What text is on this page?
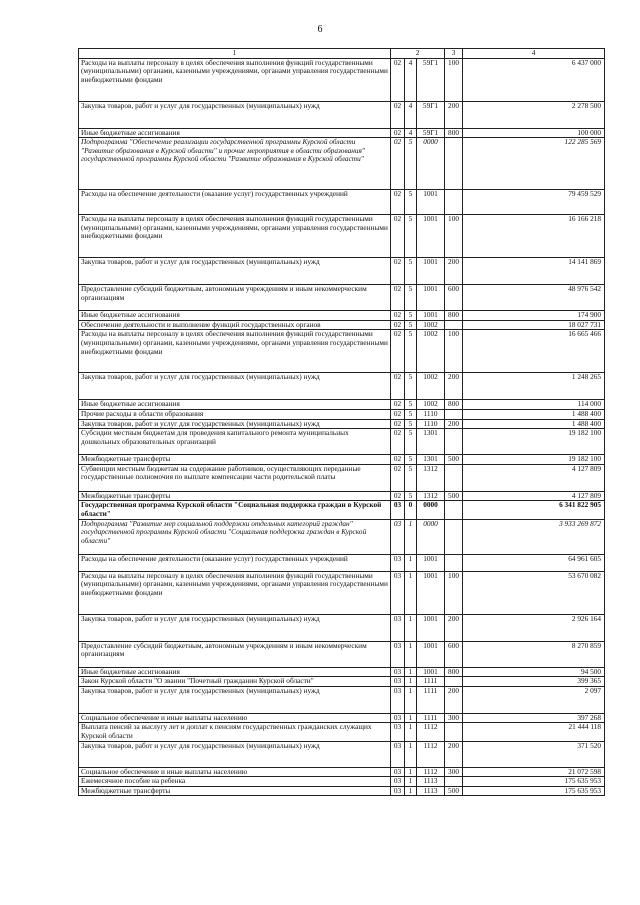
6
1	2			3	4
Расходы на выплаты персоналу в целях обеспечения выполнения функций государственными (муниципальными) органами, казенными учреждениями, органами управления государственными внебюджетными фондами	02	4	59Г1	100	6 437 000
Закупка товаров, работ и услуг для государственных (муниципальных) нужд	02	4	59Г1	200	2 278 500
Иные бюджетные ассигнования	02	4	59Г1	800	100 000
Подпрограмма "Обеспечение реализации государственной программы Курской области "Развитие образования в Курской области" и прочие мероприятия в области образования" государственной программы Курской области "Развитие образования в Курской области"	02	5	0000		122 285 569
Расходы на обеспечение деятельности (оказание услуг) государственных учреждений	02	5	1001		79 459 529
Расходы на выплаты персоналу в целях обеспечения выполнения функций государственными (муниципальными) органами, казенными учреждениями, органами управления государственными внебюджетными фондами	02	5	1001	100	16 166 218
Закупка товаров, работ и услуг для государственных (муниципальных) нужд	02	5	1001	200	14 141 869
Предоставление субсидий бюджетным, автономным учреждениям и иным некоммерческим организациям	02	5	1001	600	48 976 542
Иные бюджетные ассигнования	02	5	1001	800	174 900
Обеспечение деятельности и выполнение функций государственных органов	02	5	1002		18 027 731
Расходы на выплаты персоналу в целях обеспечения выполнения функций государственными (муниципальными) органами, казенными учреждениями, органами управления государственными внебюджетными фондами	02	5	1002	100	16 665 466
Закупка товаров, работ и услуг для государственных (муниципальных) нужд	02	5	1002	200	1 248 265
Иные бюджетные ассигнования	02	5	1002	800	114 000
Прочие расходы в области образования	02	5	1110		1 488 400
Закупка товаров, работ и услуг для государственных (муниципальных) нужд	02	5	1110	200	1 488 400
Субсидии местным бюджетам для проведения капитального ремонта муниципальных дошкольных образовательных организаций	02	5	1301		19 182 100
Межбюджетные трансферты	02	5	1301	500	19 182 100
Субвенции местным бюджетам на содержание работников, осуществляющих переданные государственные полномочия по выплате компенсации части родительской платы	02	5	1312		4 127 809
Межбюджетные трансферты	02	5	1312	500	4 127 809
Государственная программа Курской области "Социальная поддержка граждан в Курской области"	03	0	0000		6 341 822 905
Подпрограмма "Развитие мер социальной поддержки отдельных категорий граждан" государственной программы Курской области "Социальная поддержка граждан в Курской области"	03	1	0000		3 933 269 872
Расходы на обеспечение деятельности (оказание услуг) государственных учреждений	03	1	1001		64 961 605
Расходы на выплаты персоналу в целях обеспечения выполнения функций государственными (муниципальными) органами, казенными учреждениями, органами управления государственными внебюджетными фондами	03	1	1001	100	53 670 082
Закупка товаров, работ и услуг для государственных (муниципальных) нужд	03	1	1001	200	2 926 164
Предоставление субсидий бюджетным, автономным учреждениям и иным некоммерческим организациям	03	1	1001	600	8 270 859
Иные бюджетные ассигнования	03	1	1001	800	94 500
Закон Курской области "О звании "Почетный гражданин Курской области"	03	1	1111		399 365
Закупка товаров, работ и услуг для государственных (муниципальных) нужд	03	1	1111	200	2 097
Социальное обеспечение и иные выплаты населению	03	1	1111	300	397 268
Выплата пенсий за выслугу лет и доплат к пенсиям государственных гражданских служащих Курской области	03	1	1112		21 444 118
Закупка товаров, работ и услуг для государственных (муниципальных) нужд	03	1	1112	200	371 520
Социальное обеспечение и иные выплаты населению	03	1	1112	300	21 072 598
Ежемесячное пособие на ребенка	03	1	1113		175 635 953
Межбюджетные трансферты	03	1	1113	500	175 635 953
